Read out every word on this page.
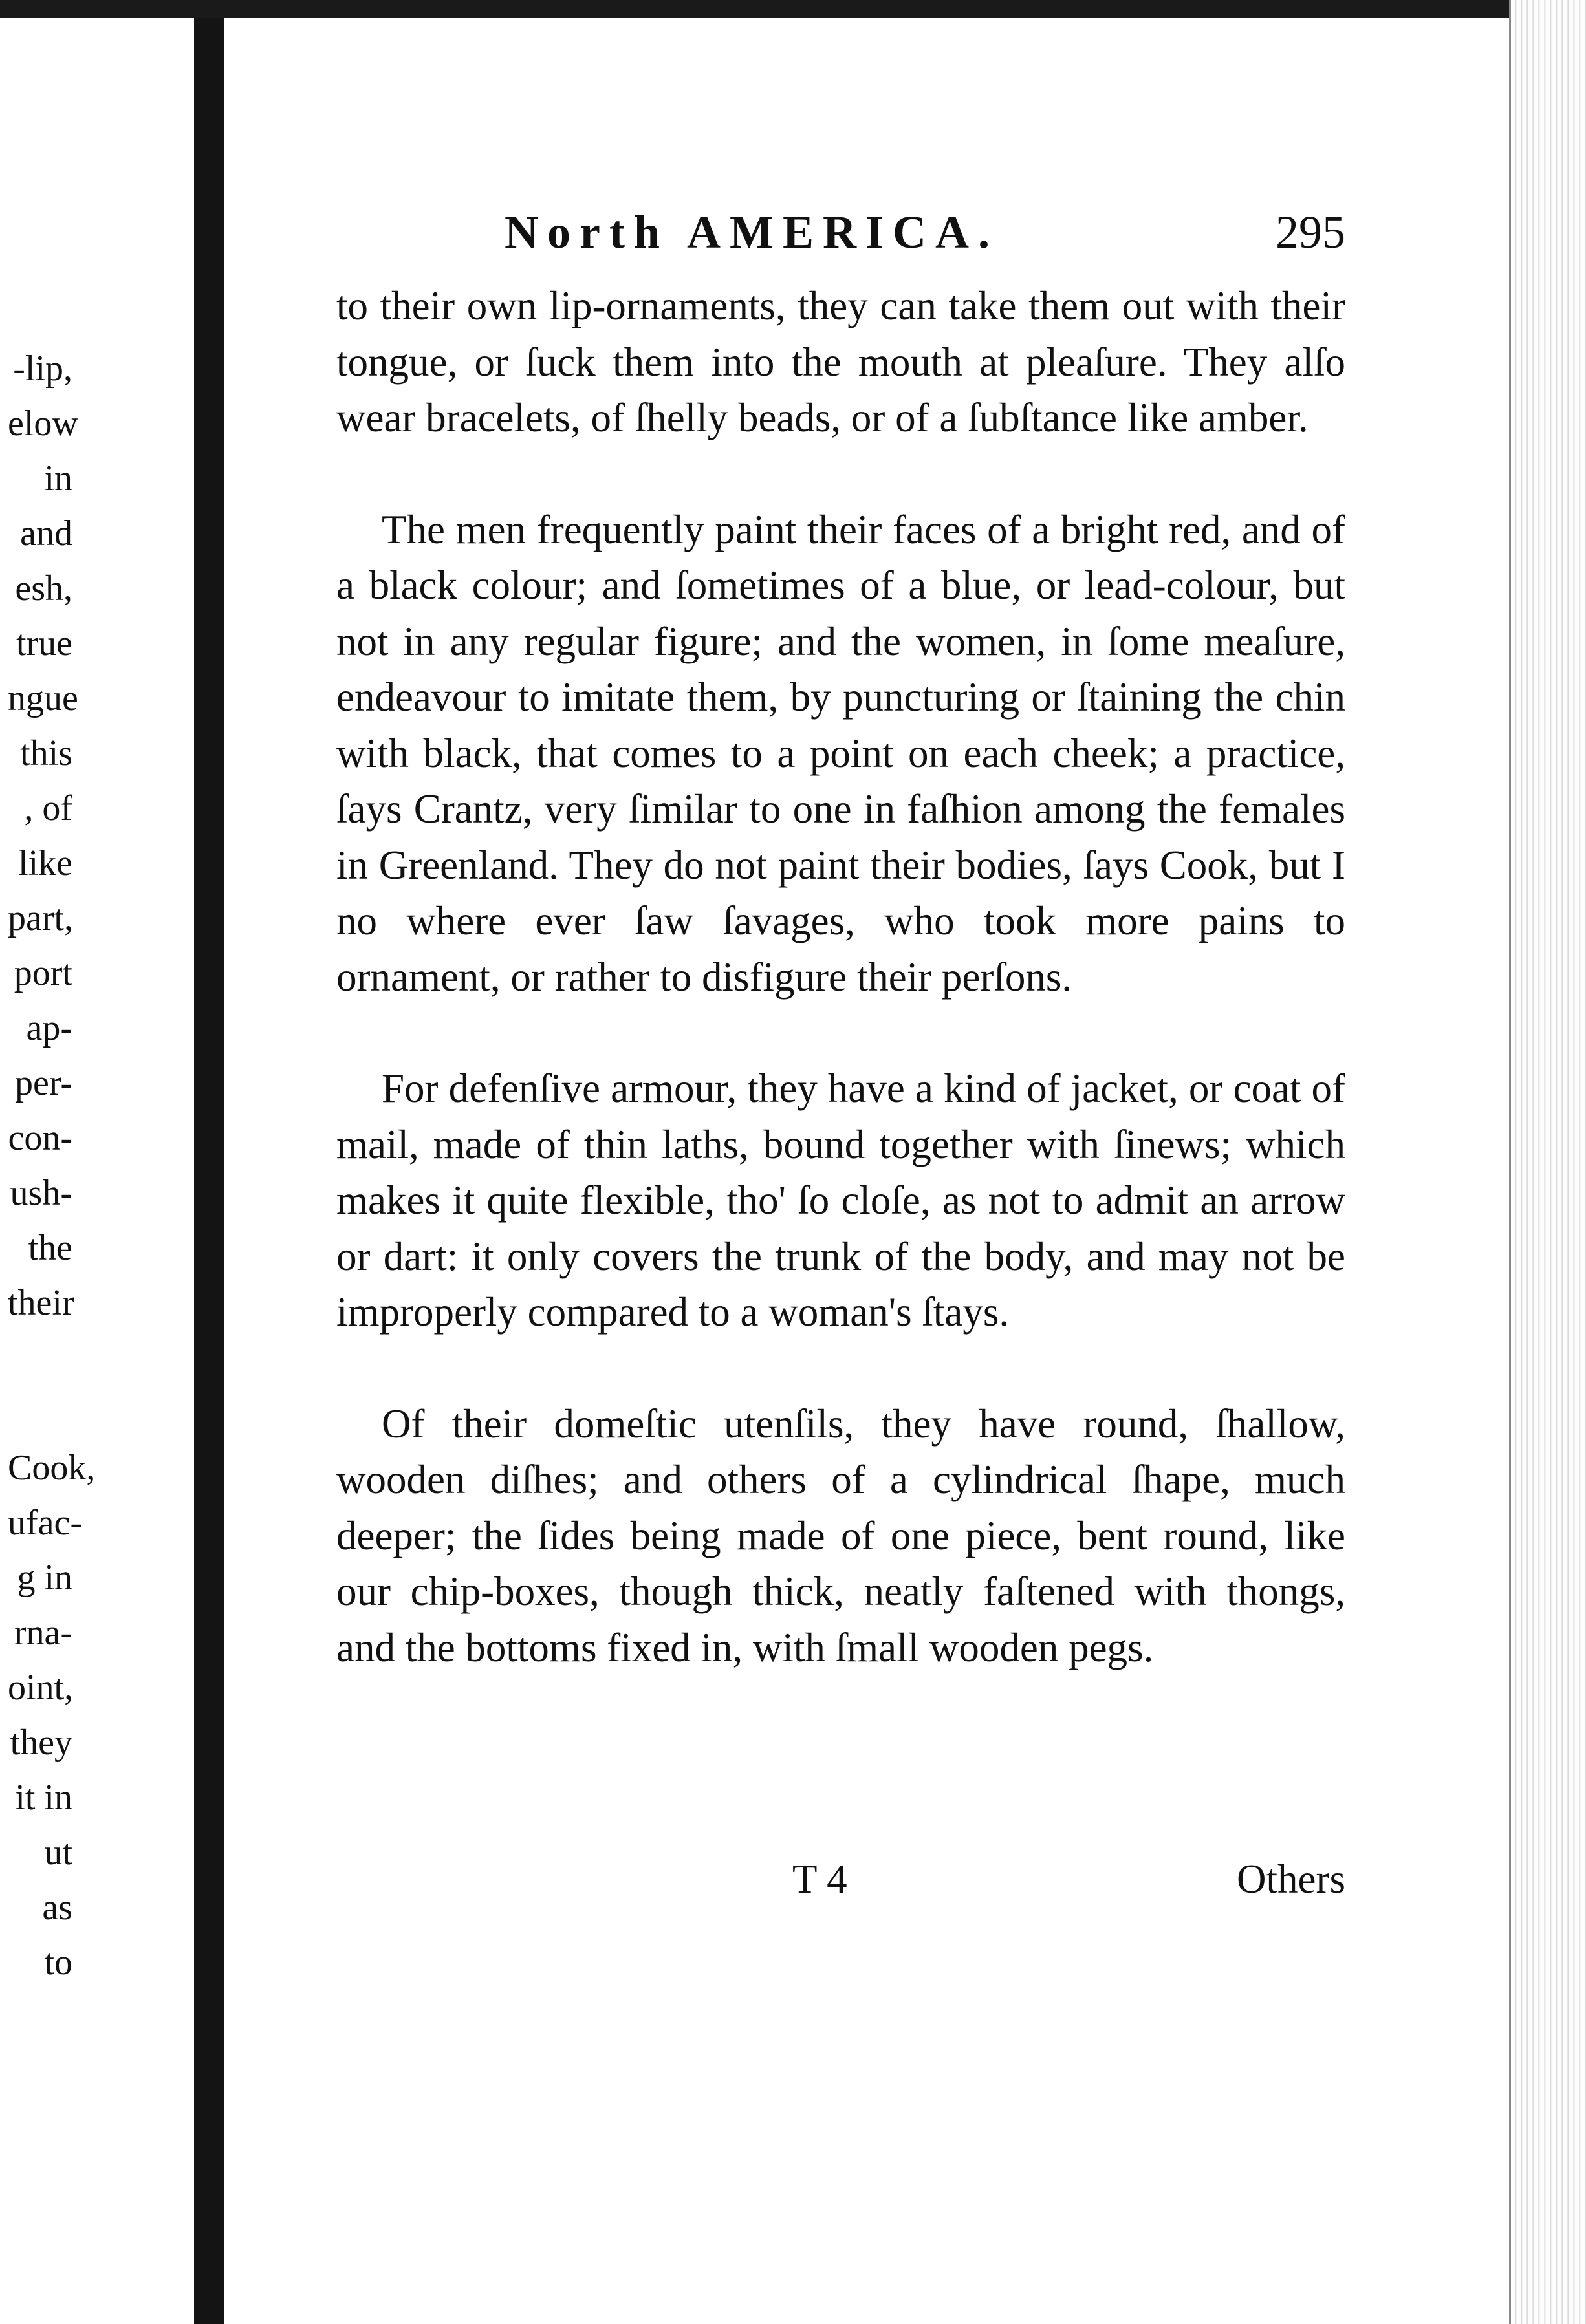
-lip,
elow
in
and
esh,
true
ngue
this
, of
like
part,
port
ap-
per-
con-
ush-
the
their

Cook,
ufac-
g in
rna-
oint,
they
it in
ut as
to
North AMERICA.	295

to their own lip-ornaments, they can take them out with their tongue, or ſuck them into the mouth at pleaſure. They alſo wear bracelets, of ſhelly beads, or of a ſubſtance like amber.

The men frequently paint their faces of a bright red, and of a black colour; and ſometimes of a blue, or lead-colour, but not in any regular figure; and the women, in ſome meaſure, endeavour to imitate them, by puncturing or ſtaining the chin with black, that comes to a point on each cheek; a practice, ſays Crantz, very ſimilar to one in faſhion among the females in Greenland. They do not paint their bodies, ſays Cook, but I no where ever ſaw ſavages, who took more pains to ornament, or rather to disfigure their perſons.

For defenſive armour, they have a kind of jacket, or coat of mail, made of thin laths, bound together with ſinews; which makes it quite flexible, tho' ſo cloſe, as not to admit an arrow or dart: it only covers the trunk of the body, and may not be improperly compared to a woman's ſtays.

Of their domeſtic utenſils, they have round, ſhallow, wooden diſhes; and others of a cylindrical ſhape, much deeper; the ſides being made of one piece, bent round, like our chip-boxes, though thick, neatly faſtened with thongs, and the bottoms fixed in, with ſmall wooden pegs.

T 4	Others
